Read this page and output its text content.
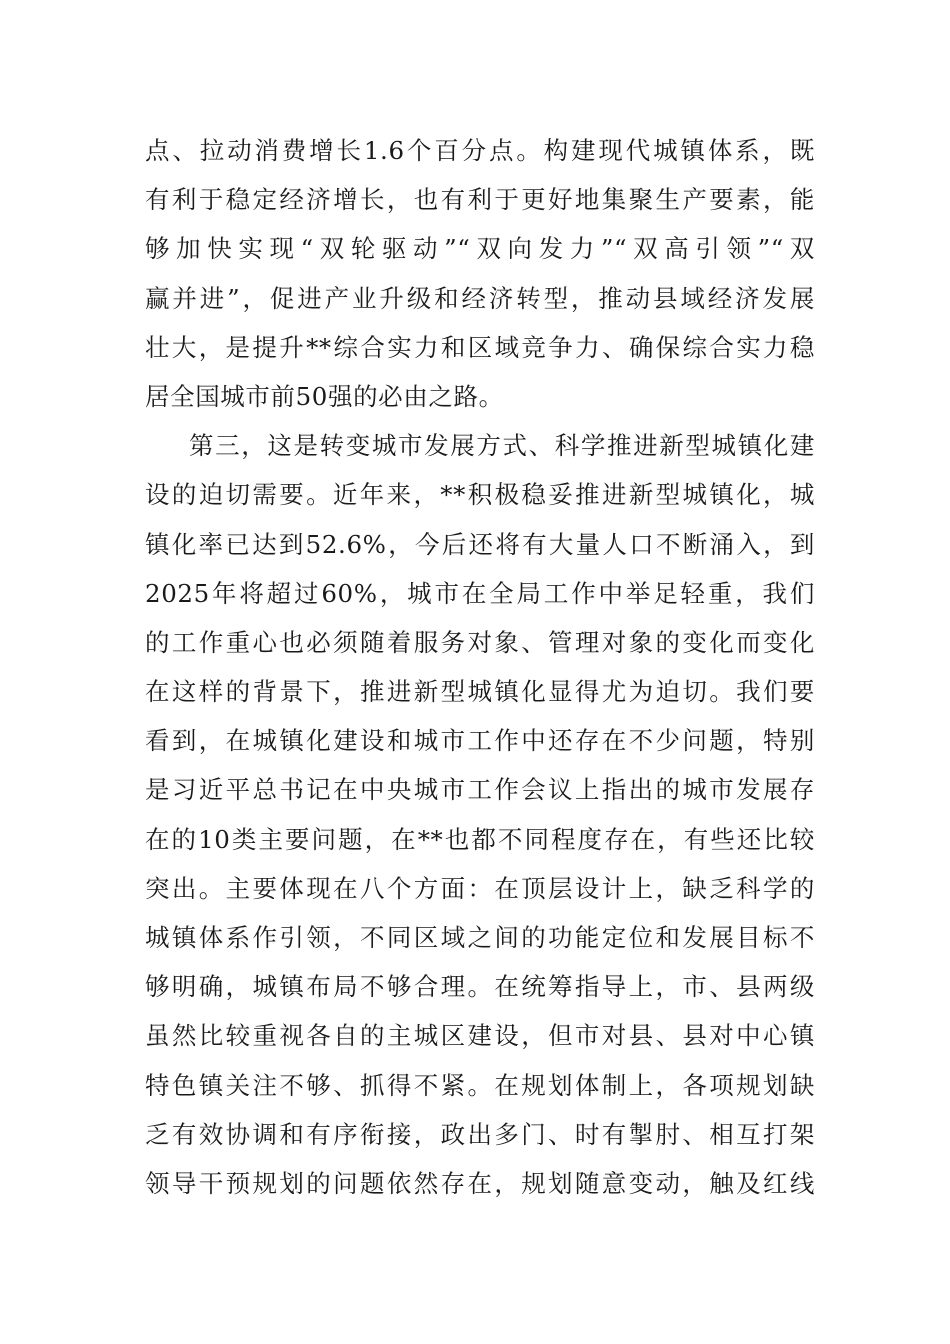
点、拉动消费增长1.6个百分点。构建现代城镇体系，既
有利于稳定经济增长，也有利于更好地集聚生产要素，能
够加快实现“双轮驱动”“双向发力”“双高引领”“双
赢并进”，促进产业升级和经济转型，推动县域经济发展
壮大，是提升**综合实力和区域竞争力、确保综合实力稳
居全国城市前50强的必由之路。
第三，这是转变城市发展方式、科学推进新型城镇化建
设的迫切需要。近年来，**积极稳妥推进新型城镇化，城
镇化率已达到52.6%，今后还将有大量人口不断涌入，到
2025年将超过60%，城市在全局工作中举足轻重，我们
的工作重心也必须随着服务对象、管理对象的变化而变化
在这样的背景下，推进新型城镇化显得尤为迫切。我们要
看到，在城镇化建设和城市工作中还存在不少问题，特别
是习近平总书记在中央城市工作会议上指出的城市发展存
在的10类主要问题，在**也都不同程度存在，有些还比较
突出。主要体现在八个方面：在顶层设计上，缺乏科学的
城镇体系作引领，不同区域之间的功能定位和发展目标不
够明确，城镇布局不够合理。在统筹指导上，市、县两级
虽然比较重视各自的主城区建设，但市对县、县对中心镇
特色镇关注不够、抓得不紧。在规划体制上，各项规划缺
乏有效协调和有序衔接，政出多门、时有掣肘、相互打架
领导干预规划的问题依然存在，规划随意变动，触及红线
